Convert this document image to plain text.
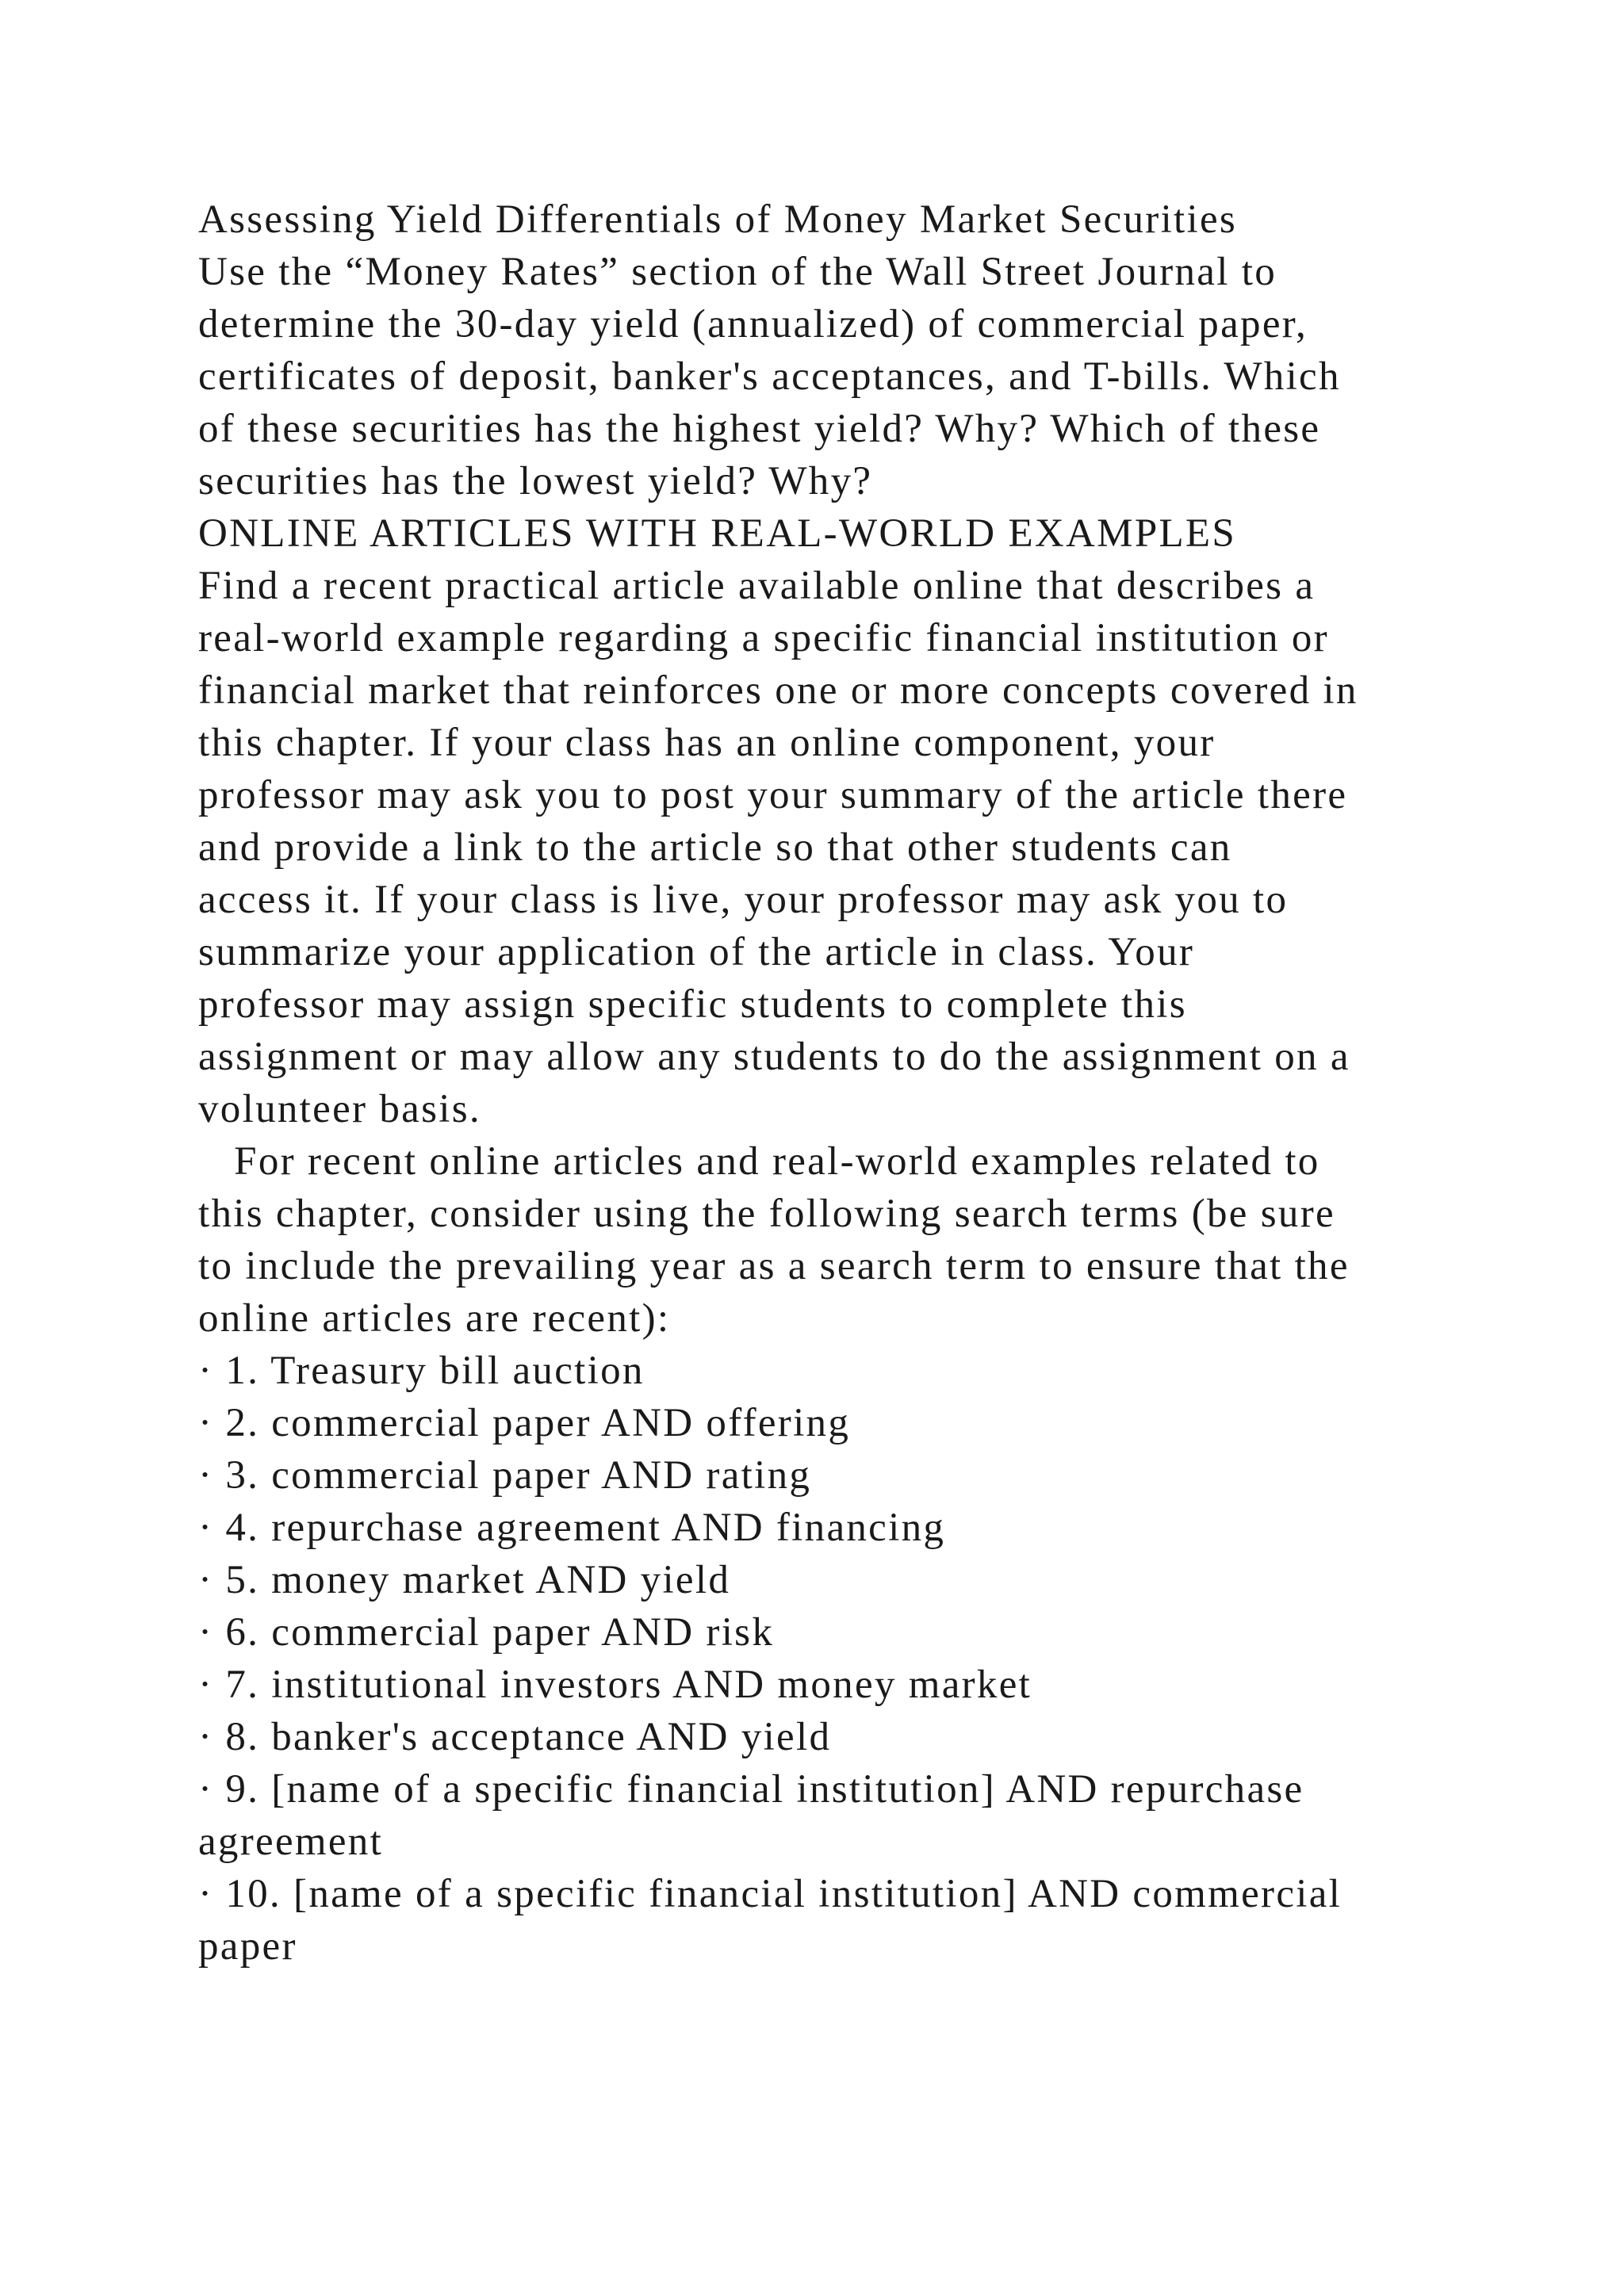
Assessing Yield Differentials of Money Market Securities
Use the “Money Rates” section of the Wall Street Journal to
determine the 30-day yield (annualized) of commercial paper,
certificates of deposit, banker's acceptances, and T-bills. Which
of these securities has the highest yield? Why? Which of these
securities has the lowest yield? Why?
ONLINE ARTICLES WITH REAL-WORLD EXAMPLES
Find a recent practical article available online that describes a
real-world example regarding a specific financial institution or
financial market that reinforces one or more concepts covered in
this chapter. If your class has an online component, your
professor may ask you to post your summary of the article there
and provide a link to the article so that other students can
access it. If your class is live, your professor may ask you to
summarize your application of the article in class. Your
professor may assign specific students to complete this
assignment or may allow any students to do the assignment on a
volunteer basis.
For recent online articles and real-world examples related to
this chapter, consider using the following search terms (be sure
to include the prevailing year as a search term to ensure that the
online articles are recent):
· 1. Treasury bill auction
· 2. commercial paper AND offering
· 3. commercial paper AND rating
· 4. repurchase agreement AND financing
· 5. money market AND yield
· 6. commercial paper AND risk
· 7. institutional investors AND money market
· 8. banker's acceptance AND yield
· 9. [name of a specific financial institution] AND repurchase
agreement
· 10. [name of a specific financial institution] AND commercial
paper
